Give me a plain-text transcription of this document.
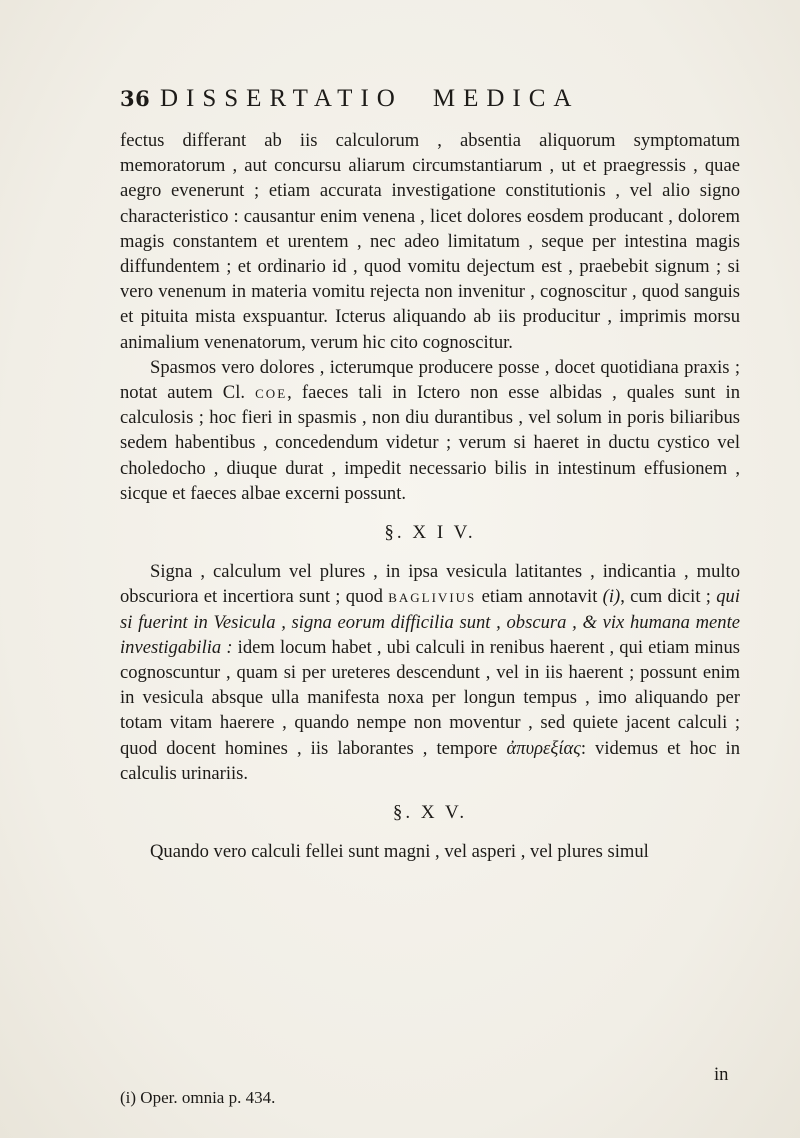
36 DISSERTATIO MEDICA

fectus differant ab iis calculorum , absentia aliquorum symptomatum memoratorum , aut concursu aliarum circumstantiarum , ut et praegressis , quae aegro evenerunt ; etiam accurata investigatione constitutionis , vel alio signo characteristico : causantur enim venena , licet dolores eosdem producant , dolorem magis constantem et urentem , nec adeo limitatum , seque per intestina magis diffundentem ; et ordinario id , quod vomitu dejectum est , praebebit signum ; si vero venenum in materia vomitu rejecta non invenitur , cognoscitur , quod sanguis et pituita mista exspuantur. Icterus aliquando ab iis producitur , imprimis morsu animalium venenatorum, verum hic cito cognoscitur.

Spasmos vero dolores , icterumque producere posse , docet quotidiana praxis ; notat autem Cl. coe, faeces tali in Ictero non esse albidas , quales sunt in calculosis ; hoc fieri in spasmis , non diu durantibus , vel solum in poris biliaribus sedem habentibus , concedendum videtur ; verum si haeret in ductu cystico vel choledocho , diuque durat , impedit necessario bilis in intestinum effusionem , sicque et faeces albae excerni possunt.

§. X I V.

Signa , calculum vel plures , in ipsa vesicula latitantes , indicantia , multo obscuriora et incertiora sunt ; quod baglivius etiam annotavit (i), cum dicit ; qui si fuerint in Vesicula , signa eorum difficilia sunt , obscura , & vix humana mente investigabilia : idem locum habet , ubi calculi in renibus haerent , qui etiam minus cognoscuntur , quam si per ureteres descendunt , vel in iis haerent ; possunt enim in vesicula absque ulla manifesta noxa per longun tempus , imo aliquando per totam vitam haerere , quando nempe non moventur , sed quiete jacent calculi ; quod docent homines , iis laborantes , tempore ἀπυρεξίας: videmus et hoc in calculis urinariis.

§. X V.

Quando vero calculi fellei sunt magni , vel asperi , vel plures simul

in
(i) Oper. omnia p. 434.
